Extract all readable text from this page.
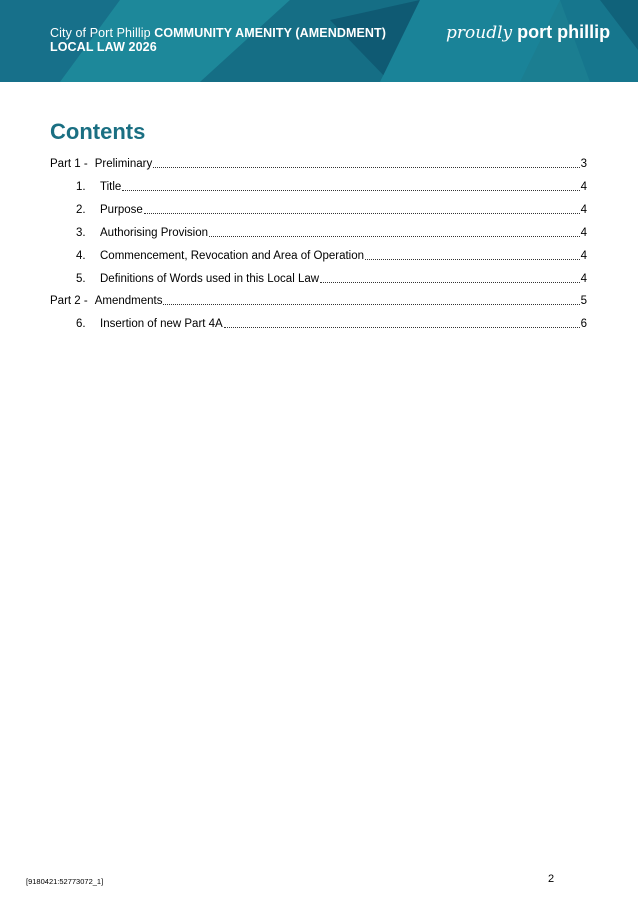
City of Port Phillip COMMUNITY AMENITY (AMENDMENT)
LOCAL LAW 2026
proudly port phillip
Contents
Part 1 - Preliminary	3
1.	Title	4
2.	Purpose	4
3.	Authorising Provision	4
4.	Commencement, Revocation and Area of Operation	4
5.	Definitions of Words used in this Local Law	4
Part 2 - Amendments	5
6.	Insertion of new Part 4A	6
[9180421:52773072_1]	2
